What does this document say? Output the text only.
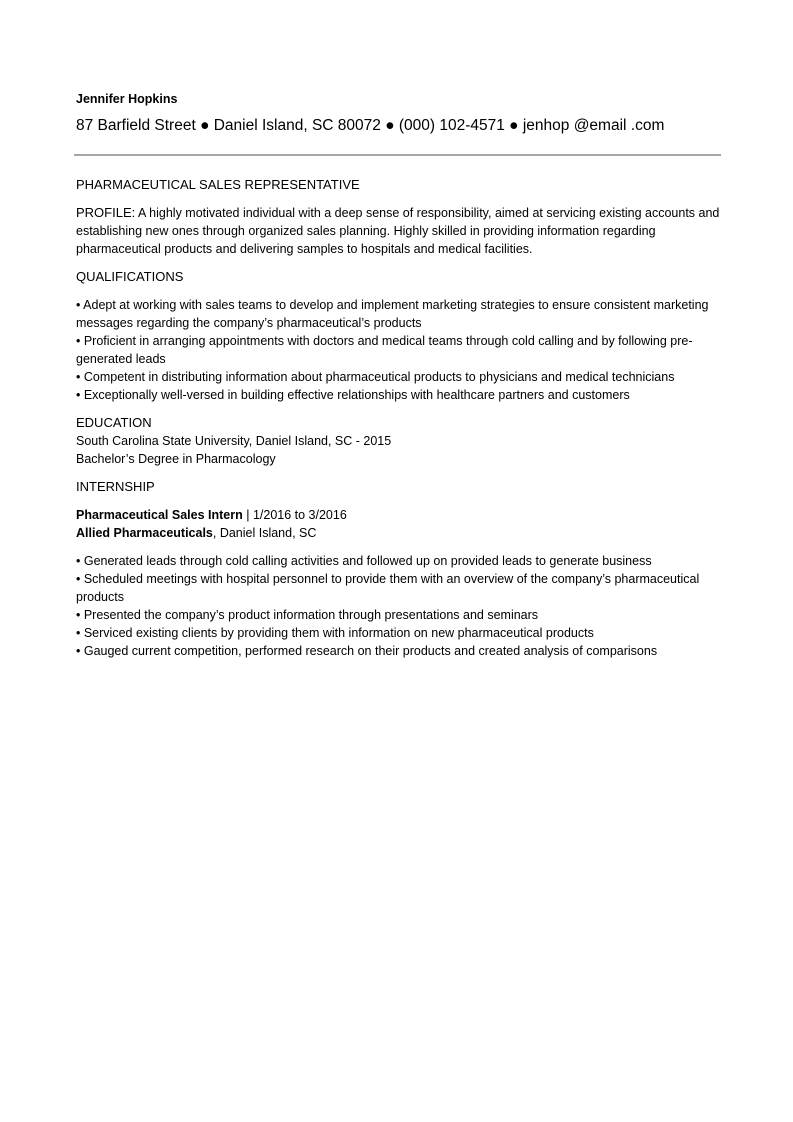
Jennifer Hopkins

87 Barfield Street ● Daniel Island, SC 80072 ● (000) 102-4571 ● jenhop @email .com

PHARMACEUTICAL SALES REPRESENTATIVE

PROFILE: A highly motivated individual with a deep sense of responsibility, aimed at servicing existing accounts and establishing new ones through organized sales planning. Highly skilled in providing information regarding pharmaceutical products and delivering samples to hospitals and medical facilities.

QUALIFICATIONS

• Adept at working with sales teams to develop and implement marketing strategies to ensure consistent marketing messages regarding the company’s pharmaceutical’s products
• Proficient in arranging appointments with doctors and medical teams through cold calling and by following pre-generated leads
• Competent in distributing information about pharmaceutical products to physicians and medical technicians
• Exceptionally well-versed in building effective relationships with healthcare partners and customers

EDUCATION

South Carolina State University, Daniel Island, SC - 2015

Bachelor’s Degree in Pharmacology

INTERNSHIP

Pharmaceutical Sales Intern | 1/2016 to 3/2016

Allied Pharmaceuticals, Daniel Island, SC

• Generated leads through cold calling activities and followed up on provided leads to generate business
• Scheduled meetings with hospital personnel to provide them with an overview of the company’s pharmaceutical products
• Presented the company’s product information through presentations and seminars
• Serviced existing clients by providing them with information on new pharmaceutical products
• Gauged current competition, performed research on their products and created analysis of comparisons
